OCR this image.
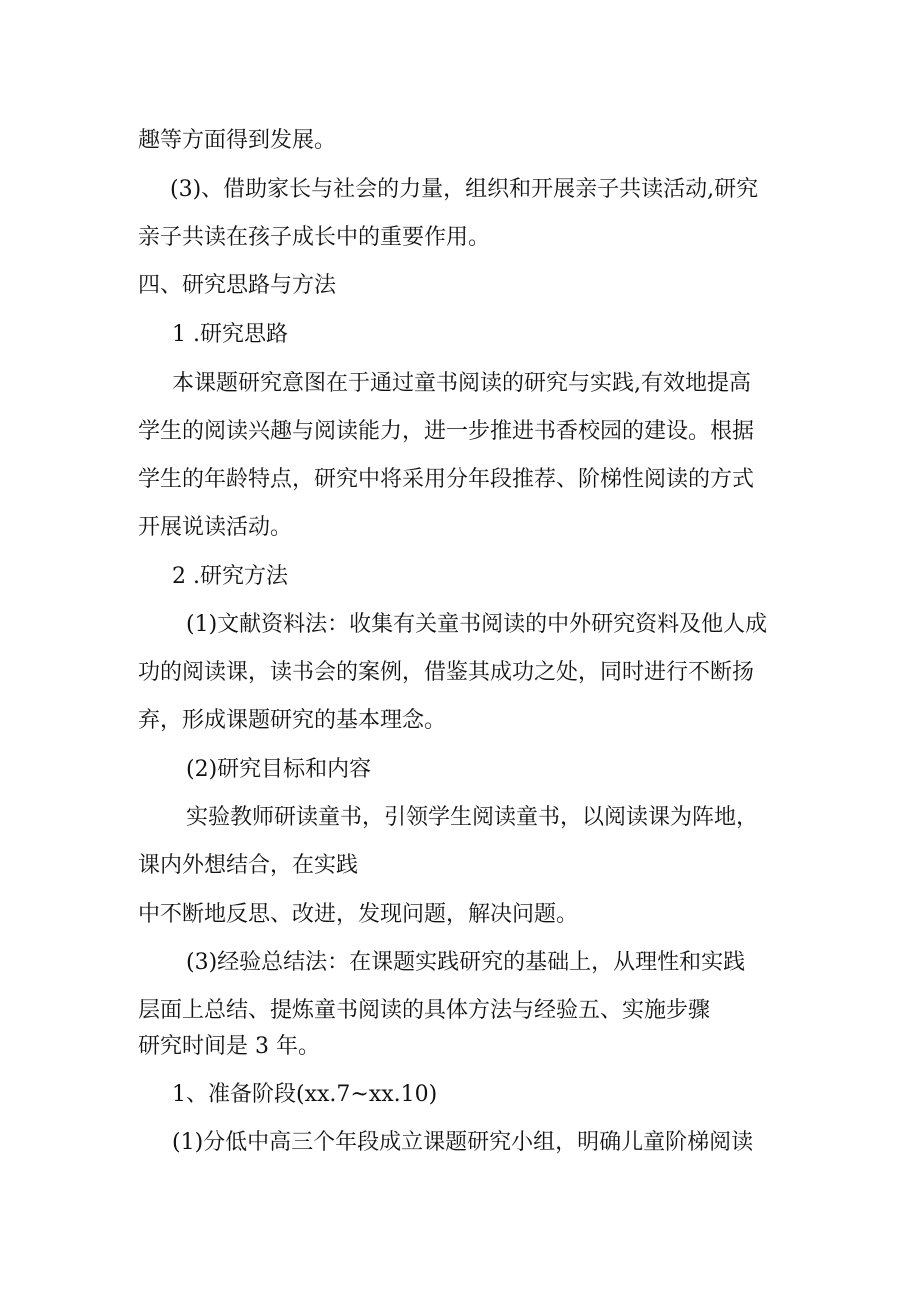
趣等方面得到发展。
(3)、借助家长与社会的力量，组织和开展亲子共读活动,研究
亲子共读在孩子成长中的重要作用。
四、研究思路与方法
1 .研究思路
本课题研究意图在于通过童书阅读的研究与实践,有效地提高
学生的阅读兴趣与阅读能力，进一步推进书香校园的建设。根据
学生的年龄特点，研究中将采用分年段推荐、阶梯性阅读的方式
开展说读活动。
2 .研究方法
(1)文献资料法：收集有关童书阅读的中外研究资料及他人成
功的阅读课，读书会的案例，借鉴其成功之处，同时进行不断扬
弃，形成课题研究的基本理念。
(2)研究目标和内容
实验教师研读童书，引领学生阅读童书，以阅读课为阵地，
课内外想结合，在实践
中不断地反思、改进，发现问题，解决问题。
(3)经验总结法：在课题实践研究的基础上，从理性和实践
层面上总结、提炼童书阅读的具体方法与经验五、实施步骤
研究时间是 3 年。
1、准备阶段(xx.7~xx.10)
(1)分低中高三个年段成立课题研究小组，明确儿童阶梯阅读
